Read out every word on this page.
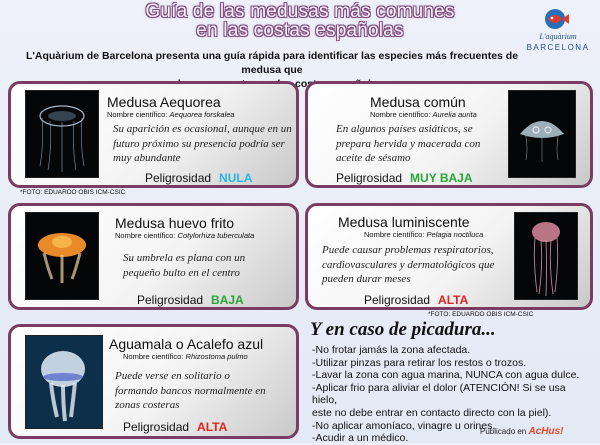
Guía de las medusas más comunes
en las costas españolas	L'aquàrium
BARCELONA
L'Aquàrium de Barcelona presenta una guía rápida para identificar las especies más frecuentes de medusa que
Medusa Aequorea
Nombre científico: Aequorea forskalea
Su aparición es ocasional, aunque en un futuro próximo su presencia podría ser muy abundante
Peligrosidad NULA
*FOTO: EDUARDO OBIS ICM-CSIC
Medusa común
Nombre científico: Aurelia aurita
En algunos países asiáticos, se prepara hervida y macerada con aceite de sésamo
Peligrosidad MUY BAJA
Medusa huevo frito
Nombre científico: Cotylorhiza tuberculata
Su umbrela es plana con un pequeño bulto en el centro
Peligrosidad BAJA
Medusa luminiscente
Nombre científico: Pelagia noctiluca
Puede causar problemas respiratorios, cardiovasculares y dermatológicos que pueden durar meses
Peligrosidad ALTA
*FOTO: EDUARDO OBIS ICM-CSIC
Aguamala o Acalefo azul
Nombre científico: Rhizostoma pulmo
Puede verse en solitario o formando bancos normalmente en zonas costeras
Peligrosidad ALTA
Y en caso de picadura...
-No frotar jamás la zona afectada.
-Utilizar pinzas para retirar los restos o trozos.
-Lavar la zona con agua marina, NUNCA con agua dulce.
-Aplicar frio para aliviar el dolor (ATENCIÓN! Si se usa hielo,
este no debe entrar en contacto directo con la piel).
-No aplicar amoníaco, vinagre u orines.
-Acudir a un médico.
Publicado en AcHus!
